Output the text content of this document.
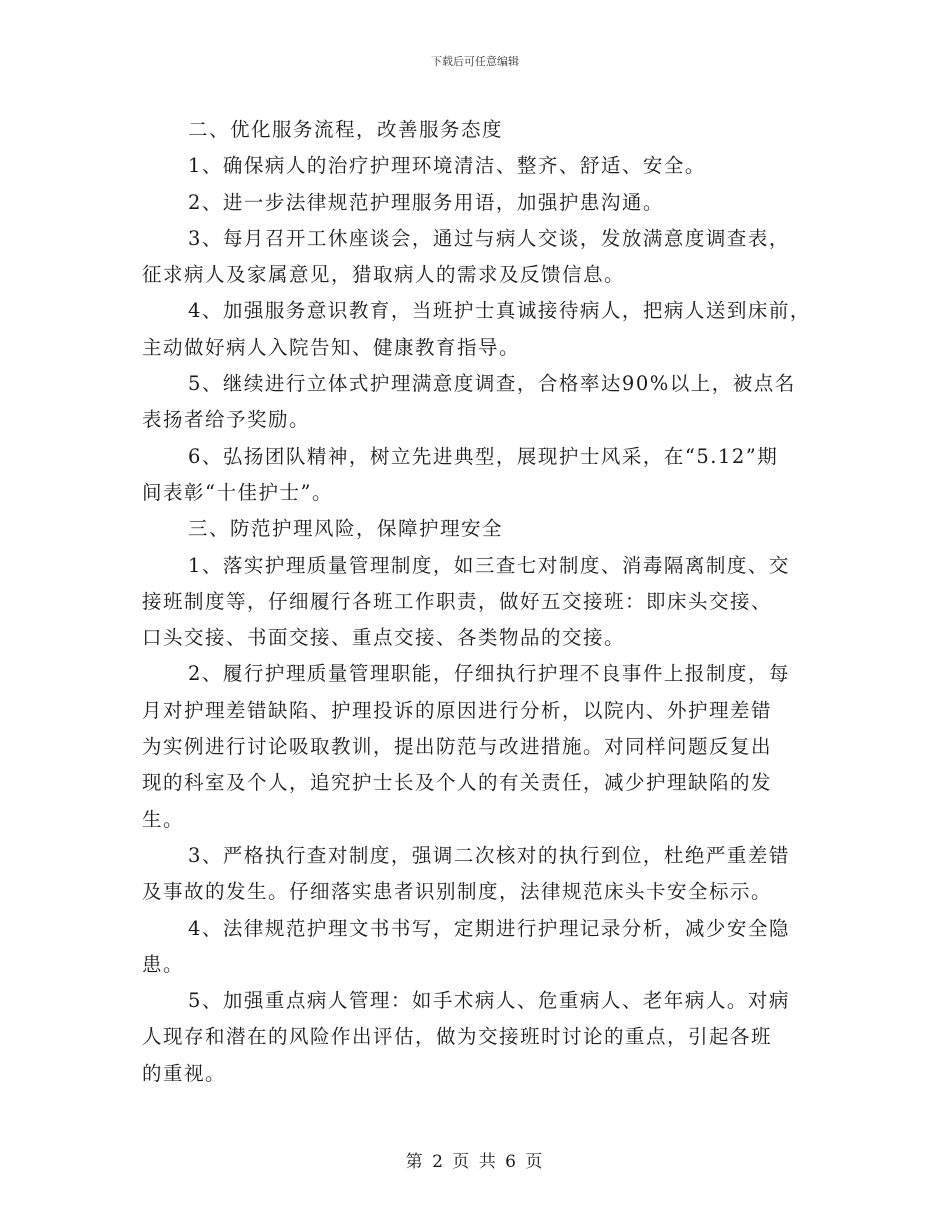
下载后可任意编辑
二、优化服务流程，改善服务态度
1、确保病人的治疗护理环境清洁、整齐、舒适、安全。
2、进一步法律规范护理服务用语，加强护患沟通。
3、每月召开工休座谈会，通过与病人交谈，发放满意度调查表，
征求病人及家属意见，猎取病人的需求及反馈信息。
4、加强服务意识教育，当班护士真诚接待病人，把病人送到床前，
主动做好病人入院告知、健康教育指导。
5、继续进行立体式护理满意度调查，合格率达90%以上，被点名
表扬者给予奖励。
6、弘扬团队精神，树立先进典型，展现护士风采，在“5.12”期
间表彰“十佳护士”。
三、防范护理风险，保障护理安全
1、落实护理质量管理制度，如三查七对制度、消毒隔离制度、交
接班制度等，仔细履行各班工作职责，做好五交接班：即床头交接、
口头交接、书面交接、重点交接、各类物品的交接。
2、履行护理质量管理职能，仔细执行护理不良事件上报制度，每
月对护理差错缺陷、护理投诉的原因进行分析，以院内、外护理差错
为实例进行讨论吸取教训，提出防范与改进措施。对同样问题反复出
现的科室及个人，追究护士长及个人的有关责任，减少护理缺陷的发
生。
3、严格执行查对制度，强调二次核对的执行到位，杜绝严重差错
及事故的发生。仔细落实患者识别制度，法律规范床头卡安全标示。
4、法律规范护理文书书写，定期进行护理记录分析，减少安全隐
患。
5、加强重点病人管理：如手术病人、危重病人、老年病人。对病
人现存和潜在的风险作出评估，做为交接班时讨论的重点，引起各班
的重视。
第 2 页 共 6 页
